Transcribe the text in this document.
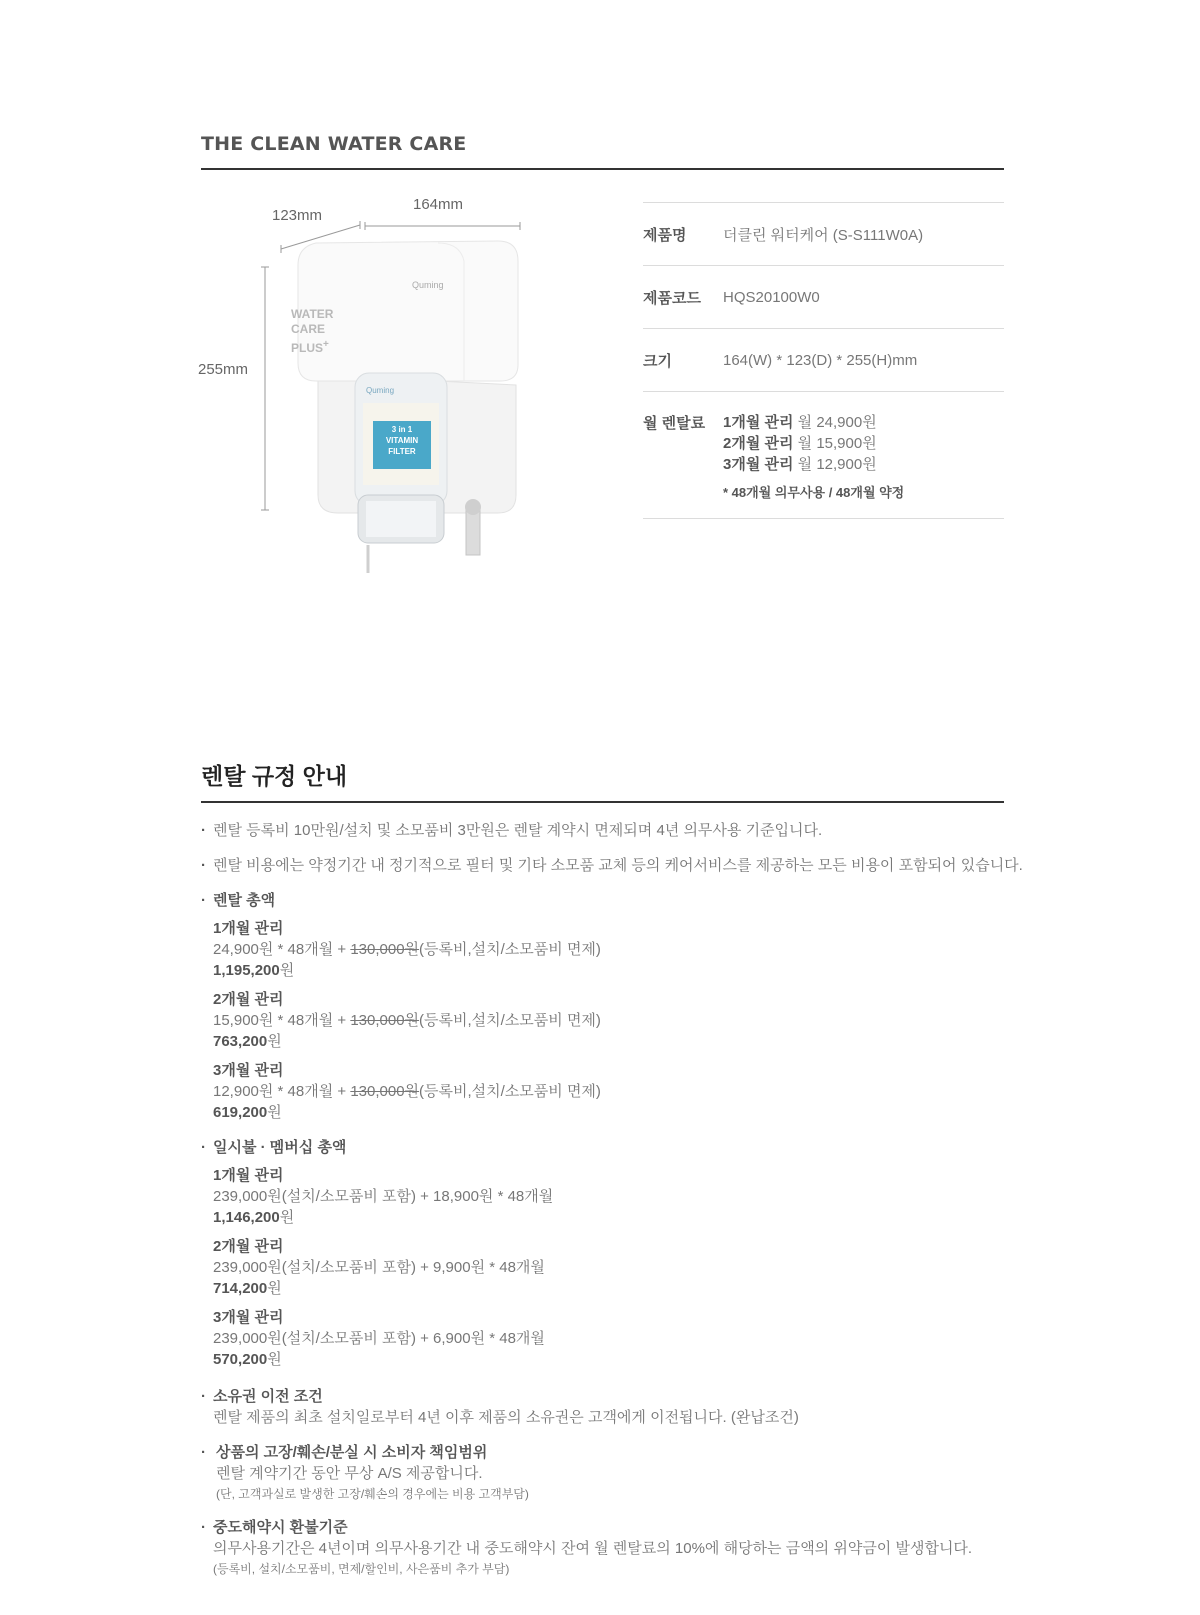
THE CLEAN WATER CARE
123mm
164mm
255mm
Quming
WATER
CARE
PLUS+
Quming
3 in 1
VITAMIN
FILTER
제품명	더클린 워터케어 (S-S111W0A)
제품코드	HQS20100W0
크기	164(W) * 123(D) * 255(H)mm
월 렌탈료	1개월 관리 월 24,900원
2개월 관리 월 15,900원
3개월 관리 월 12,900원
* 48개월 의무사용 / 48개월 약정
렌탈 규정 안내
· 렌탈 등록비 10만원/설치 및 소모품비 3만원은 렌탈 계약시 면제되며 4년 의무사용 기준입니다.
· 렌탈 비용에는 약정기간 내 정기적으로 필터 및 기타 소모품 교체 등의 케어서비스를 제공하는 모든 비용이 포함되어 있습니다.
· 렌탈 총액
1개월 관리
24,900원 * 48개월 + 130,000원(등록비,설치/소모품비 면제)
1,195,200원
2개월 관리
15,900원 * 48개월 + 130,000원(등록비,설치/소모품비 면제)
763,200원
3개월 관리
12,900원 * 48개월 + 130,000원(등록비,설치/소모품비 면제)
619,200원
· 일시불 · 멤버십 총액
1개월 관리
239,000원(설치/소모품비 포함) + 18,900원 * 48개월
1,146,200원
2개월 관리
239,000원(설치/소모품비 포함) + 9,900원 * 48개월
714,200원
3개월 관리
239,000원(설치/소모품비 포함) + 6,900원 * 48개월
570,200원
· 소유권 이전 조건
렌탈 제품의 최초 설치일로부터 4년 이후 제품의 소유권은 고객에게 이전됩니다. (완납조건)
· 상품의 고장/훼손/분실 시 소비자 책임범위
렌탈 계약기간 동안 무상 A/S 제공합니다.
(단, 고객과실로 발생한 고장/훼손의 경우에는 비용 고객부담)
· 중도해약시 환불기준
의무사용기간은 4년이며 의무사용기간 내 중도해약시 잔여 월 렌탈료의 10%에 해당하는 금액의 위약금이 발생합니다.
(등록비, 설치/소모품비, 면제/할인비, 사은품비 추가 부담)
